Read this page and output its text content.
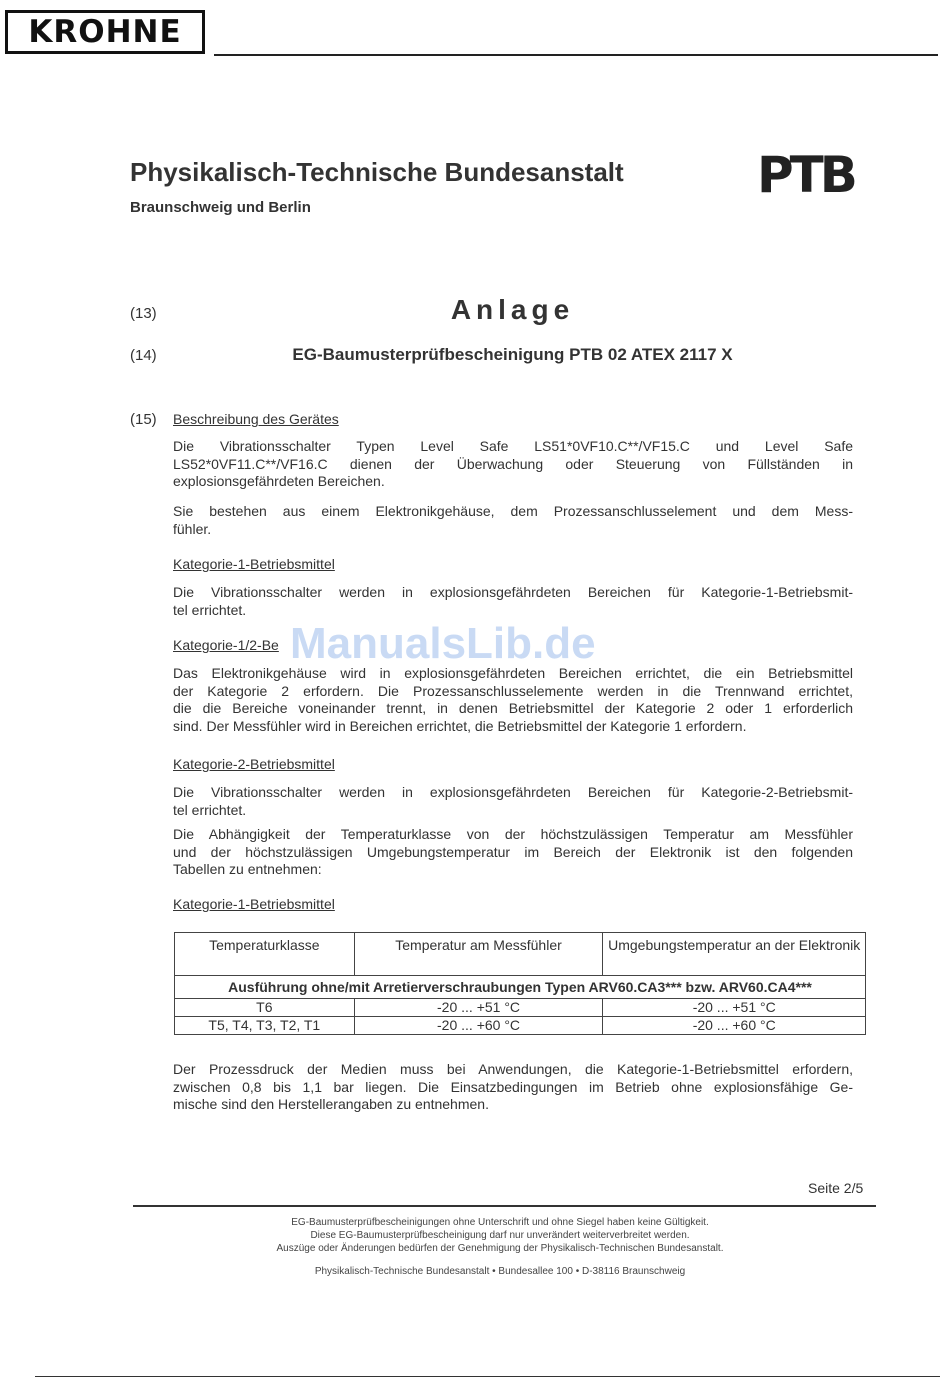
KROHNE
Physikalisch-Technische Bundesanstalt
Braunschweig und Berlin
PTB
(13)	Anlage
(14)	EG-Baumusterprüfbescheinigung PTB 02 ATEX 2117 X
(15) Beschreibung des Gerätes
Die Vibrationsschalter Typen Level Safe LS51*0VF10.C**/VF15.C und Level Safe
LS52*0VF11.C**/VF16.C dienen der Überwachung oder Steuerung von Füllständen in
explosionsgefährdeten Bereichen.
Sie bestehen aus einem Elektronikgehäuse, dem Prozessanschlusselement und dem Mess-
fühler.
Kategorie-1-Betriebsmittel
Die Vibrationsschalter werden in explosionsgefährdeten Bereichen für Kategorie-1-Betriebsmit-
tel errichtet.
Kategorie-1/2-Be
Das Elektronikgehäuse wird in explosionsgefährdeten Bereichen errichtet, die ein Betriebsmittel
der Kategorie 2 erfordern. Die Prozessanschlusselemente werden in die Trennwand errichtet,
die die Bereiche voneinander trennt, in denen Betriebsmittel der Kategorie 2 oder 1 erforderlich
sind. Der Messfühler wird in Bereichen errichtet, die Betriebsmittel der Kategorie 1 erfordern.
Kategorie-2-Betriebsmittel
Die Vibrationsschalter werden in explosionsgefährdeten Bereichen für Kategorie-2-Betriebsmit-
tel errichtet.
Die Abhängigkeit der Temperaturklasse von der höchstzulässigen Temperatur am Messfühler
und der höchstzulässigen Umgebungstemperatur im Bereich der Elektronik ist den folgenden
Tabellen zu entnehmen:
Kategorie-1-Betriebsmittel
Temperaturklasse	Temperatur am Messfühler	Umgebungstemperatur an der Elektronik
Ausführung ohne/mit Arretierverschraubungen Typen ARV60.CA3*** bzw. ARV60.CA4***		
T6	-20 ... +51 °C	-20 ... +51 °C
T5, T4, T3, T2, T1	-20 ... +60 °C	-20 ... +60 °C
Der Prozessdruck der Medien muss bei Anwendungen, die Kategorie-1-Betriebsmittel erfordern,
zwischen 0,8 bis 1,1 bar liegen. Die Einsatzbedingungen im Betrieb ohne explosionsfähige Ge-
mische sind den Herstellerangaben zu entnehmen.
Seite 2/5
EG-Baumusterprüfbescheinigungen ohne Unterschrift und ohne Siegel haben keine Gültigkeit.
Diese EG-Baumusterprüfbescheinigung darf nur unverändert weiterverbreitet werden.
Auszüge oder Änderungen bedürfen der Genehmigung der Physikalisch-Technischen Bundesanstalt.
Physikalisch-Technische Bundesanstalt • Bundesallee 100 • D-38116 Braunschweig
ManualsLib.de
